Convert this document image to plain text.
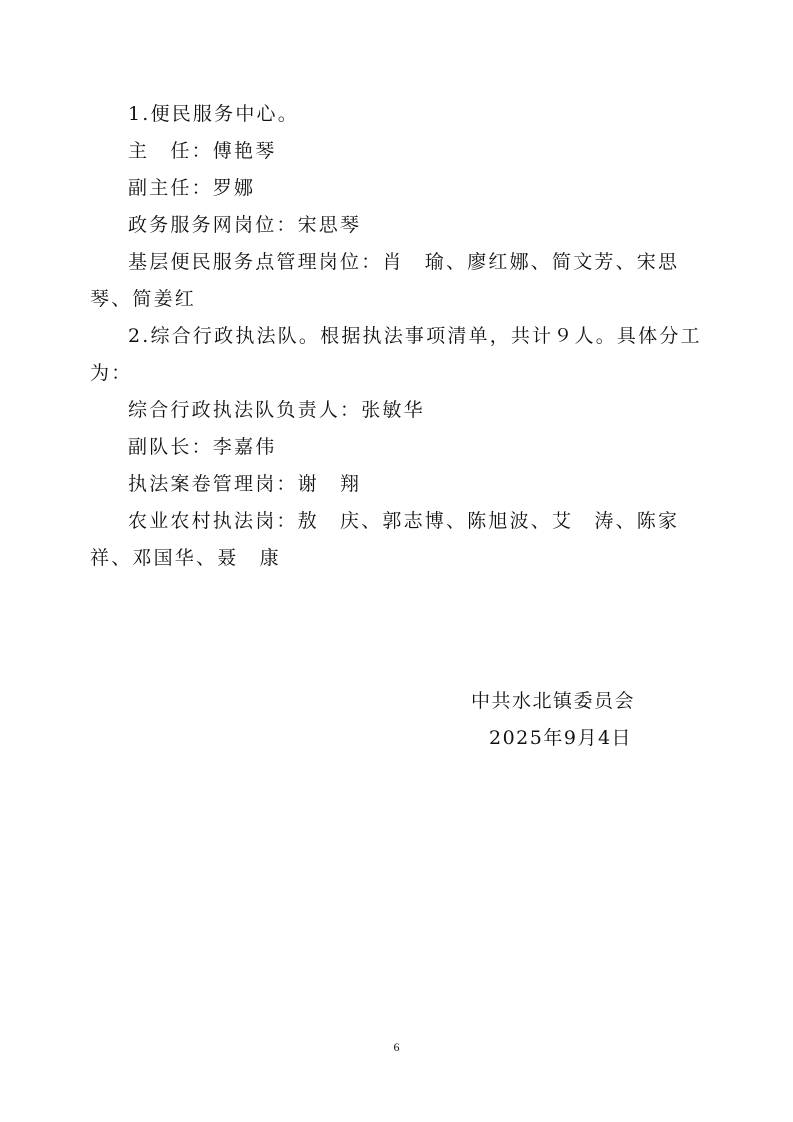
1.便民服务中心。

主　任：傅艳琴

副主任：罗娜

政务服务网岗位：宋思琴

基层便民服务点管理岗位：肖　瑜、廖红娜、简文芳、宋思琴、简姜红

2.综合行政执法队。根据执法事项清单，共计９人。具体分工为：

综合行政执法队负责人：张敏华

副队长：李嘉伟

执法案卷管理岗：谢　翔

农业农村执法岗：敖　庆、郭志博、陈旭波、艾　涛、陈家祥、邓国华、聂　康

中共水北镇委员会
2025年9月4日
6
